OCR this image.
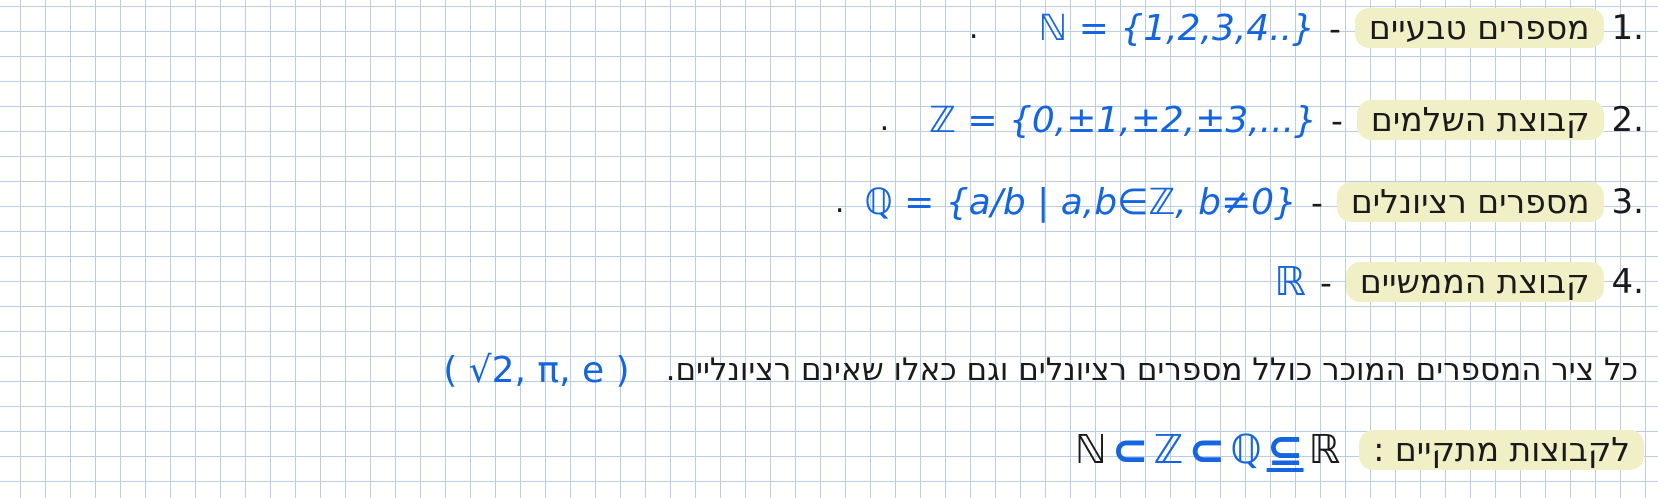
1.
מספרים טבעיים
-
ℕ = {1,2,3,4..}
.
2.
קבוצת השלמים
-
ℤ = {0,±1,±2,±3,...}
.
3.
מספרים רציונלים
-
ℚ = {a/b | a,b∈ℤ, b≠0}
.
4.
קבוצת הממשיים
-
ℝ
כל ציר המספרים המוכר כולל מספרים רציונלים וגם כאלו שאינם רציונליים.
( √2, π, e )
לקבוצות מתקיים :
ℝ
⊆
ℚ
⊂
ℤ
⊂
ℕ
